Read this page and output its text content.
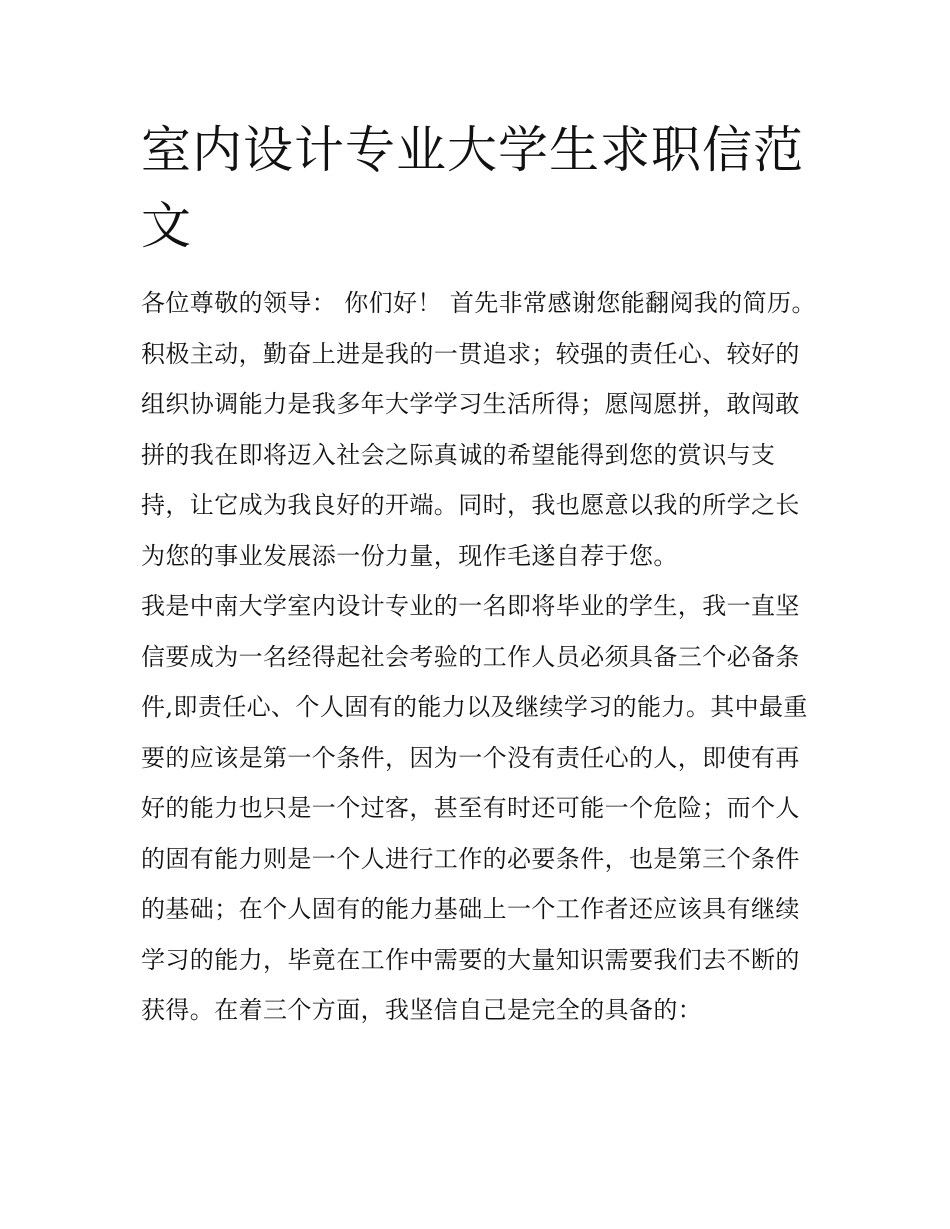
室内设计专业大学生求职信范文

各位尊敬的领导： 你们好！ 首先非常感谢您能翻阅我的简历。

积极主动，勤奋上进是我的一贯追求；较强的责任心、较好的组织协调能力是我多年大学学习生活所得；愿闯愿拼，敢闯敢拼的我在即将迈入社会之际真诚的希望能得到您的赏识与支持，让它成为我良好的开端。同时，我也愿意以我的所学之长为您的事业发展添一份力量，现作毛遂自荐于您。

我是中南大学室内设计专业的一名即将毕业的学生，我一直坚信要成为一名经得起社会考验的工作人员必须具备三个必备条件,即责任心、个人固有的能力以及继续学习的能力。其中最重要的应该是第一个条件，因为一个没有责任心的人，即使有再好的能力也只是一个过客，甚至有时还可能一个危险；而个人的固有能力则是一个人进行工作的必要条件，也是第三个条件的基础；在个人固有的能力基础上一个工作者还应该具有继续学习的能力，毕竟在工作中需要的大量知识需要我们去不断的获得。在着三个方面，我坚信自己是完全的具备的：
